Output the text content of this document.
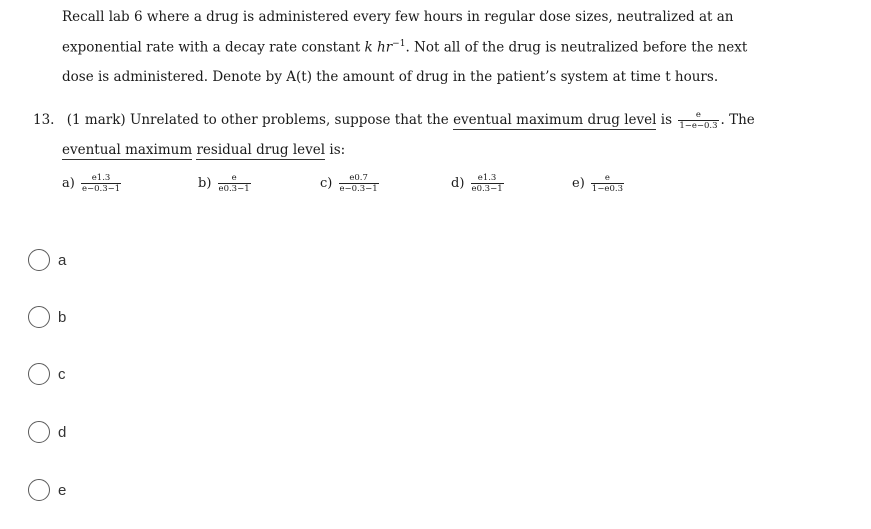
Recall lab 6 where a drug is administered every few hours in regular dose sizes, neutralized at an
exponential rate with a decay rate constant k $hr^{-1}$. Not all of the drug is neutralized before the next
dose is administered. Denote by A(t) the amount of drug in the patient’s system at time t hours.
13. (1 mark) Unrelated to other problems, suppose that the eventual maximum drug level is $\frac{e}{1-e-0.3}$ . The
eventual maximum residual drug level is:
$a) \frac{e1.3}{e-0.3-1}$	$b) \frac{e}{e0.3-1}$	$c) \frac{e0.7}{e-0.3-1}$	$d) \frac{e1.3}{e0.3-1}$	$e) \frac{e}{1-e0.3}$
a
b
c
d
e
